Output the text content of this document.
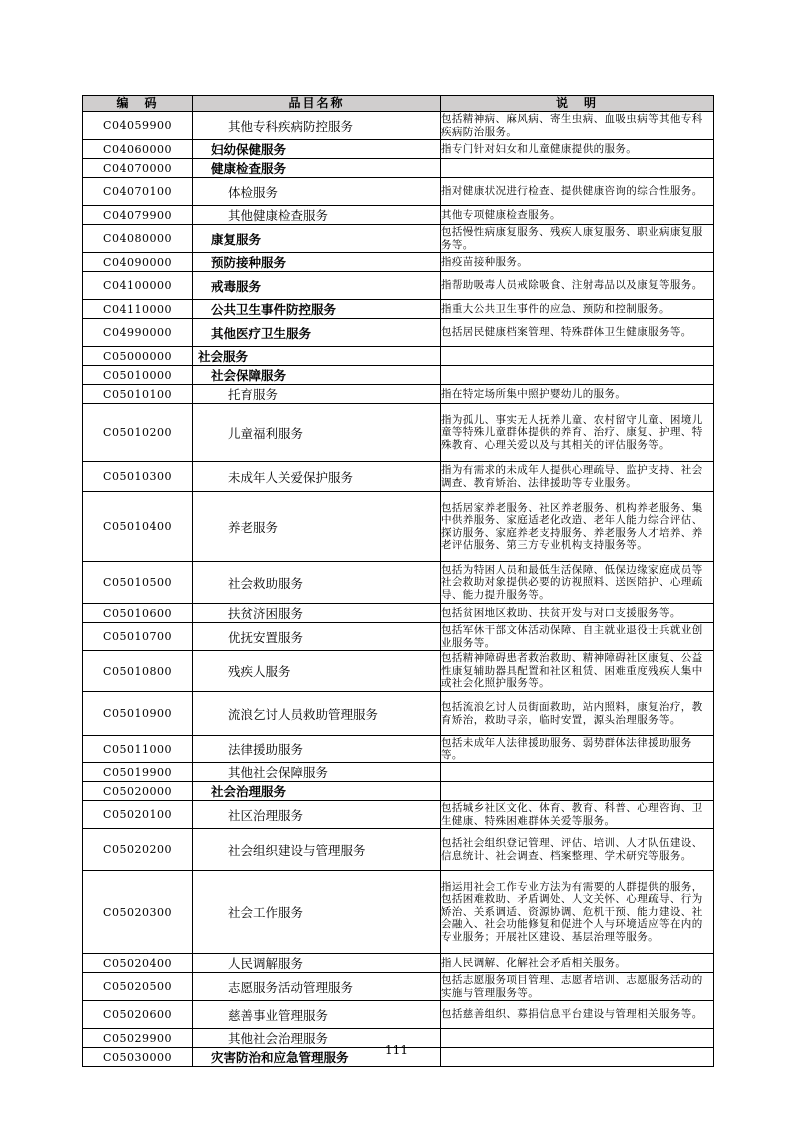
编　码	品目名称	说　明
C04059900	其他专科疾病防控服务	包括精神病、麻风病、寄生虫病、血吸虫病等其他专科疾病防治服务。
C04060000	妇幼保健服务	指专门针对妇女和儿童健康提供的服务。
C04070000	健康检查服务	
C04070100	体检服务	指对健康状况进行检查、提供健康咨询的综合性服务。
C04079900	其他健康检查服务	其他专项健康检查服务。
C04080000	康复服务	包括慢性病康复服务、残疾人康复服务、职业病康复服务等。
C04090000	预防接种服务	指疫苗接种服务。
C04100000	戒毒服务	指帮助吸毒人员戒除吸食、注射毒品以及康复等服务。
C04110000	公共卫生事件防控服务	指重大公共卫生事件的应急、预防和控制服务。
C04990000	其他医疗卫生服务	包括居民健康档案管理、特殊群体卫生健康服务等。
C05000000	社会服务	
C05010000	社会保障服务	
C05010100	托育服务	指在特定场所集中照护婴幼儿的服务。
C05010200	儿童福利服务	指为孤儿、事实无人抚养儿童、农村留守儿童、困境儿童等特殊儿童群体提供的养育、治疗、康复、护理、特殊教育、心理关爱以及与其相关的评估服务等。
C05010300	未成年人关爱保护服务	指为有需求的未成年人提供心理疏导、监护支持、社会调查、教育矫治、法律援助等专业服务。
C05010400	养老服务	包括居家养老服务、社区养老服务、机构养老服务、集中供养服务、家庭适老化改造、老年人能力综合评估、探访服务、家庭养老支持服务、养老服务人才培养、养老评估服务、第三方专业机构支持服务等。
C05010500	社会救助服务	包括为特困人员和最低生活保障、低保边缘家庭成员等社会救助对象提供必要的访视照料、送医陪护、心理疏导、能力提升服务等。
C05010600	扶贫济困服务	包括贫困地区救助、扶贫开发与对口支援服务等。
C05010700	优抚安置服务	包括军休干部文体活动保障、自主就业退役士兵就业创业服务等。
C05010800	残疾人服务	包括精神障碍患者救治救助、精神障碍社区康复、公益性康复辅助器具配置和社区租赁、困难重度残疾人集中或社会化照护服务等。
C05010900	流浪乞讨人员救助管理服务	包括流浪乞讨人员街面救助，站内照料，康复治疗，教育矫治，救助寻亲，临时安置，源头治理服务等。
C05011000	法律援助服务	包括未成年人法律援助服务、弱势群体法律援助服务等。
C05019900	其他社会保障服务	
C05020000	社会治理服务	
C05020100	社区治理服务	包括城乡社区文化、体育、教育、科普、心理咨询、卫生健康、特殊困难群体关爱等服务。
C05020200	社会组织建设与管理服务	包括社会组织登记管理、评估、培训、人才队伍建设、信息统计、社会调查、档案整理、学术研究等服务。
C05020300	社会工作服务	指运用社会工作专业方法为有需要的人群提供的服务，包括困难救助、矛盾调处、人文关怀、心理疏导、行为矫治、关系调适、资源协调、危机干预、能力建设、社会融入、社会功能修复和促进个人与环境适应等在内的专业服务；开展社区建设、基层治理等服务。
C05020400	人民调解服务	指人民调解、化解社会矛盾相关服务。
C05020500	志愿服务活动管理服务	包括志愿服务项目管理、志愿者培训、志愿服务活动的实施与管理服务等。
C05020600	慈善事业管理服务	包括慈善组织、募捐信息平台建设与管理相关服务等。
C05029900	其他社会治理服务	
C05030000	灾害防治和应急管理服务		111
